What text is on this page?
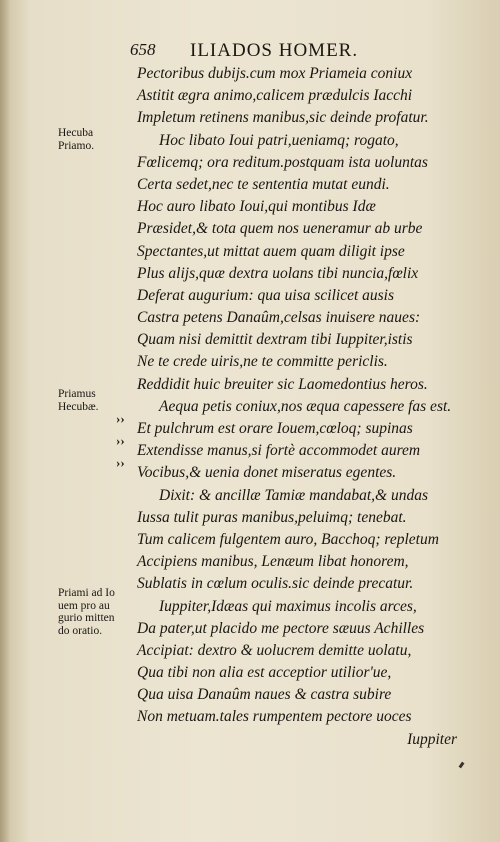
658 ILIADOS HOMER.
Pectoribus dubijs.cum mox Priameia coniux
Astitit ægra animo,calicem prædulcis Iacchi
Impletum retinens manibus,sic deinde profatur.
Hoc libato Ioui patri,ueniamq; rogato,
Fœlicemq; ora reditum.postquam ista uoluntas
Certa sedet,nec te sententia mutat eundi.
Hoc auro libato Ioui,qui montibus Idæ
Præsidet,& tota quem nos ueneramur ab urbe
Spectantes,ut mittat auem quam diligit ipse
Plus alijs,quæ dextra uolans tibi nuncia,fœlix
Deferat augurium: qua uisa scilicet ausis
Castra petens Danaûm,celsas inuisere naues:
Quam nisi demittit dextram tibi Iuppiter,istis
Ne te crede uiris,ne te committe periclis.
Reddidit huic breuiter sic Laomedontius heros.
Aequa petis coniux,nos æqua capessere fas est.
Et pulchrum est orare Iouem,cœloq; supinas
Extendisse manus,si fortè accommodet aurem
Vocibus,& uenia donet miseratus egentes.
Dixit: & ancillæ Tamiæ mandabat,& undas
Iussa tulit puras manibus,peluimq; tenebat.
Tum calicem fulgentem auro, Bacchoq; repletum
Accipiens manibus, Lenæum libat honorem,
Sublatis in cœlum oculis.sic deinde precatur.
Iuppiter,Idæas qui maximus incolis arces,
Da pater,ut placido me pectore sæuus Achilles
Accipiat: dextro & uolucrem demitte uolatu,
Qua tibi non alia est acceptior utilior'ue,
Qua uisa Danaûm naues & castra subire
Non metuam.tales rumpentem pectore uoces
Iuppiter
Hecuba
Priamo.
Priamus
Hecubæ.
Priami ad Io
uem pro au
gurio mitten
do oratio.
››
››
››
